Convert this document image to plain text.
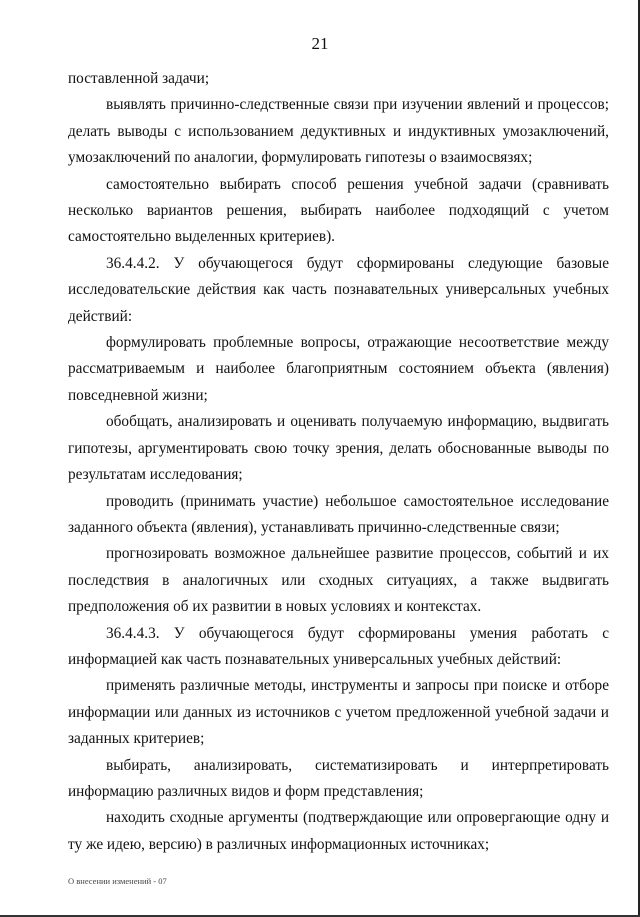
21

поставленной задачи;

выявлять причинно-следственные связи при изучении явлений и процессов; делать выводы с использованием дедуктивных и индуктивных умозаключений, умозаключений по аналогии, формулировать гипотезы о взаимосвязях;

самостоятельно выбирать способ решения учебной задачи (сравнивать несколько вариантов решения, выбирать наиболее подходящий с учетом самостоятельно выделенных критериев).

36.4.4.2. У обучающегося будут сформированы следующие базовые исследовательские действия как часть познавательных универсальных учебных действий:

формулировать проблемные вопросы, отражающие несоответствие между рассматриваемым и наиболее благоприятным состоянием объекта (явления) повседневной жизни;

обобщать, анализировать и оценивать получаемую информацию, выдвигать гипотезы, аргументировать свою точку зрения, делать обоснованные выводы по результатам исследования;

проводить (принимать участие) небольшое самостоятельное исследование заданного объекта (явления), устанавливать причинно-следственные связи;

прогнозировать возможное дальнейшее развитие процессов, событий и их последствия в аналогичных или сходных ситуациях, а также выдвигать предположения об их развитии в новых условиях и контекстах.

36.4.4.3. У обучающегося будут сформированы умения работать с информацией как часть познавательных универсальных учебных действий:

применять различные методы, инструменты и запросы при поиске и отборе информации или данных из источников с учетом предложенной учебной задачи и заданных критериев;

выбирать, анализировать, систематизировать и интерпретировать информацию различных видов и форм представления;

находить сходные аргументы (подтверждающие или опровергающие одну и ту же идею, версию) в различных информационных источниках;

О внесении изменений - 07
